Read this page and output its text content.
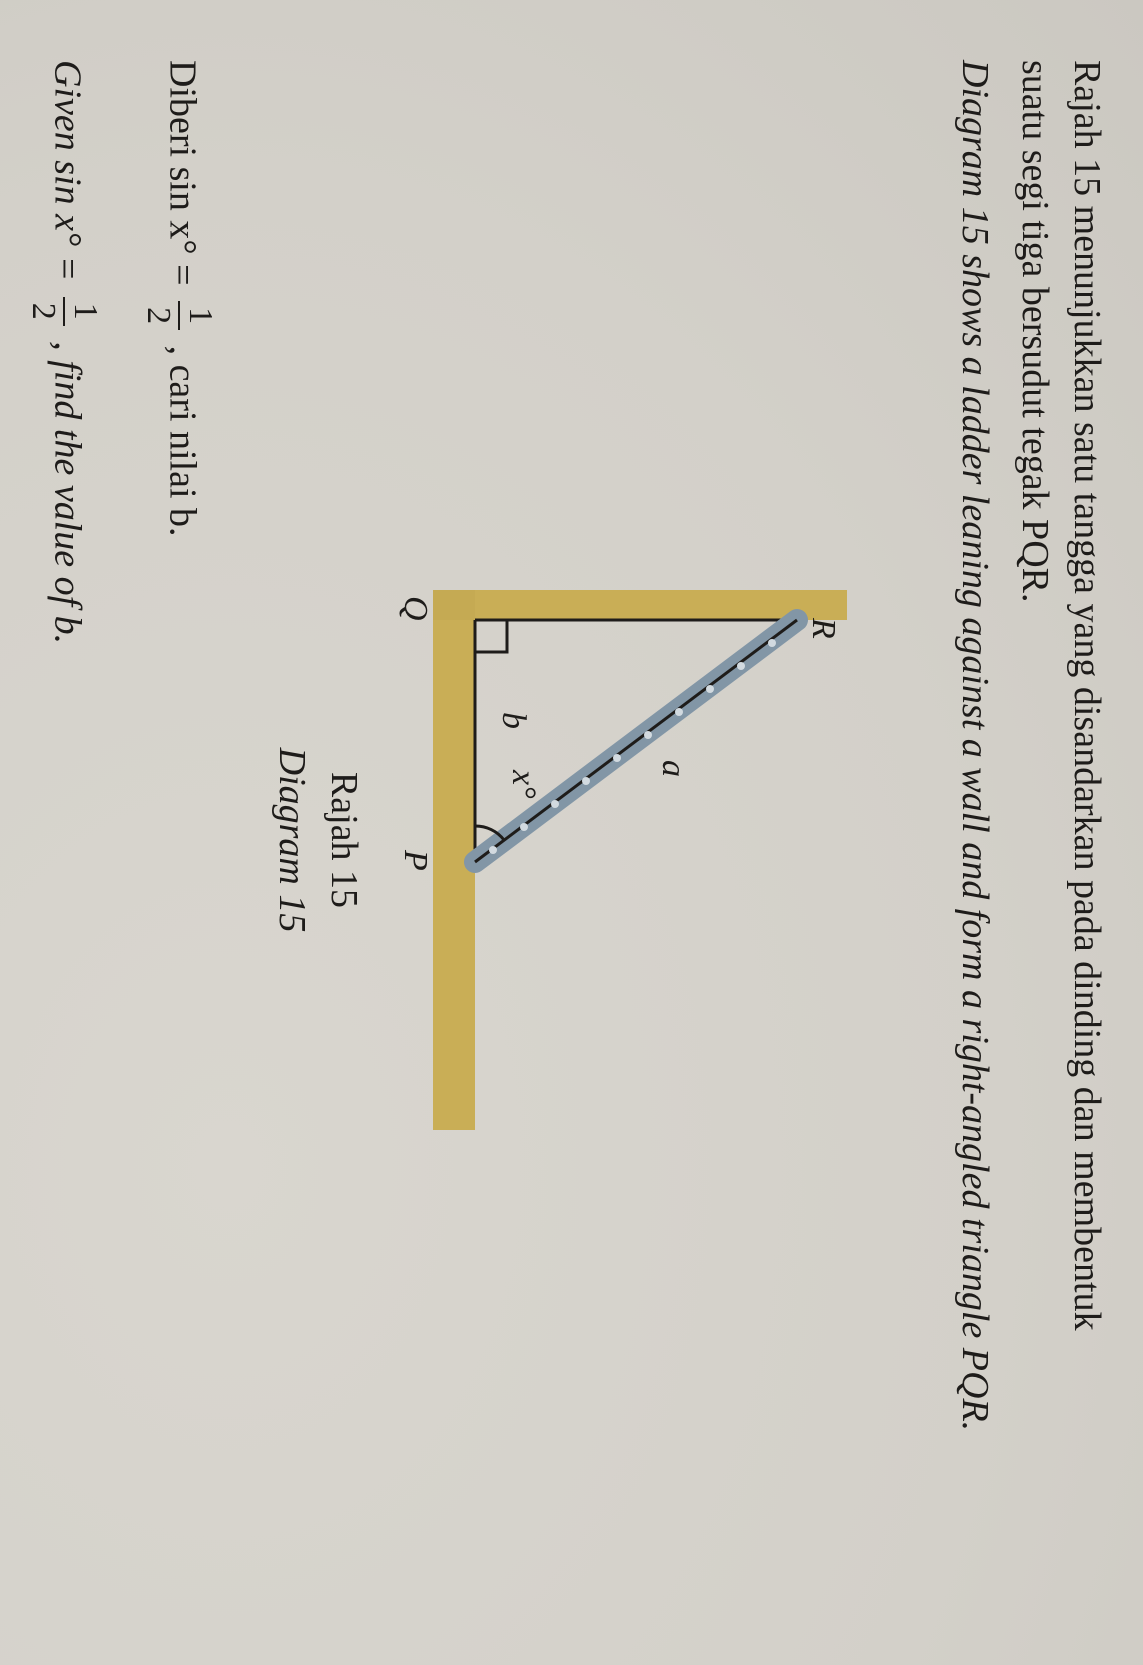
Rajah 15 menunjukkan satu tangga yang disandarkan pada dinding dan membentuk
suatu segi tiga bersudut tegak PQR.
Diagram 15 shows a ladder leaning against a wall and form a right-angled triangle PQR.
R
Q
P
a
b
x°
Rajah 15
Diagram 15
Diberi sin x° =
1
2
, cari nilai b.
Given sin x° =
1
2
, find the value of b.
